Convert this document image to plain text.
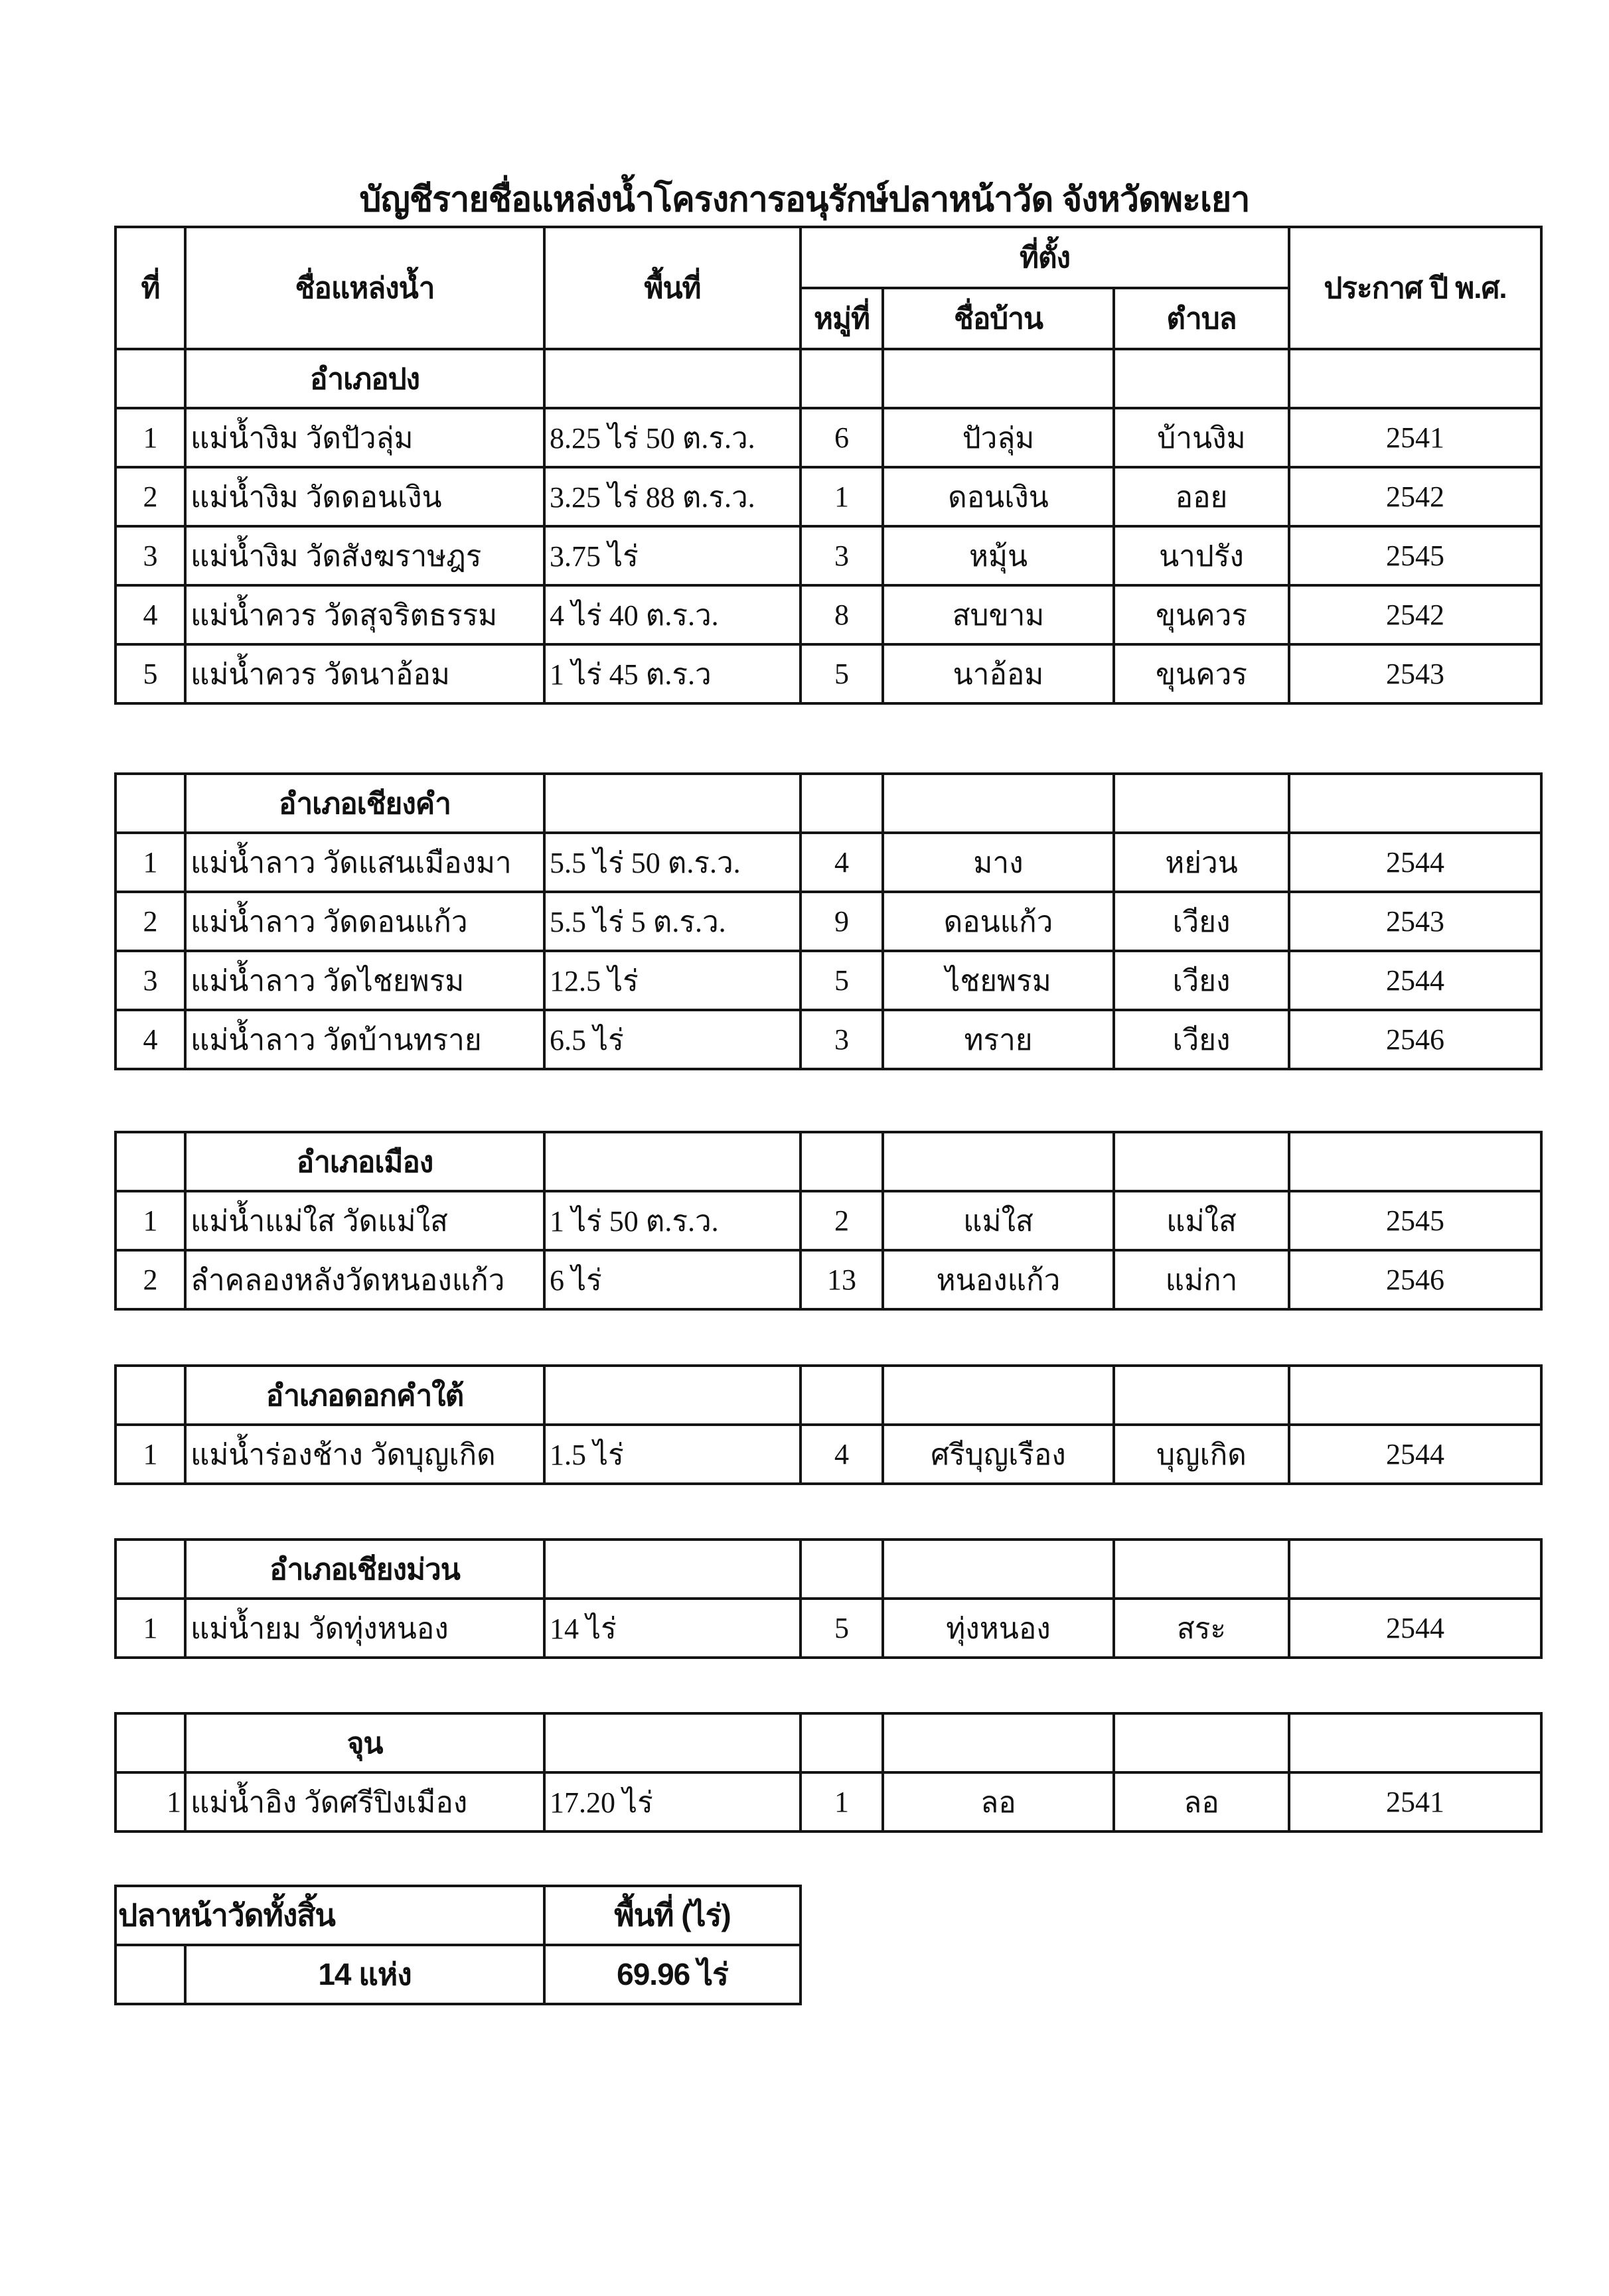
บัญชีรายชื่อแหล่งน้ำโครงการอนุรักษ์ปลาหน้าวัด จังหวัดพะเยา
ที่	ชื่อแหล่งน้ำ	พื้นที่	ที่ตั้ง			ประกาศ ปี พ.ศ.
			หมู่ที่	ชื่อบ้าน	ตำบล	
	อำเภอปง					
1	แม่น้ำงิม วัดปัวลุ่ม	8.25 ไร่ 50 ต.ร.ว.	6	ปัวลุ่ม	บ้านงิม	2541
2	แม่น้ำงิม วัดดอนเงิน	3.25 ไร่ 88 ต.ร.ว.	1	ดอนเงิน	ออย	2542
3	แม่น้ำงิม วัดสังฆราษฎร	3.75 ไร่	3	หมุ้น	นาปรัง	2545
4	แม่น้ำควร วัดสุจริตธรรม	4 ไร่ 40 ต.ร.ว.	8	สบขาม	ขุนควร	2542
5	แม่น้ำควร วัดนาอ้อม	1 ไร่ 45 ต.ร.ว	5	นาอ้อม	ขุนควร	2543
	อำเภอเชียงคำ					
1	แม่น้ำลาว วัดแสนเมืองมา	5.5 ไร่ 50 ต.ร.ว.	4	มาง	หย่วน	2544
2	แม่น้ำลาว วัดดอนแก้ว	5.5 ไร่ 5 ต.ร.ว.	9	ดอนแก้ว	เวียง	2543
3	แม่น้ำลาว วัดไชยพรม	12.5 ไร่	5	ไชยพรม	เวียง	2544
4	แม่น้ำลาว วัดบ้านทราย	6.5 ไร่	3	ทราย	เวียง	2546
	อำเภอเมือง					
1	แม่น้ำแม่ใส วัดแม่ใส	1 ไร่ 50 ต.ร.ว.	2	แม่ใส	แม่ใส	2545
2	ลำคลองหลังวัดหนองแก้ว	6 ไร่	13	หนองแก้ว	แม่กา	2546
	อำเภอดอกคำใต้					
1	แม่น้ำร่องช้าง วัดบุญเกิด	1.5 ไร่	4	ศรีบุญเรือง	บุญเกิด	2544
	อำเภอเชียงม่วน					
1	แม่น้ำยม วัดทุ่งหนอง	14 ไร่	5	ทุ่งหนอง	สระ	2544
	จุน					
1	แม่น้ำอิง วัดศรีปิงเมือง	17.20 ไร่	1	ลอ	ลอ	2541
ปลาหน้าวัดทั้งสิ้น		พื้นที่ (ไร่)
	14 แห่ง	69.96 ไร่
